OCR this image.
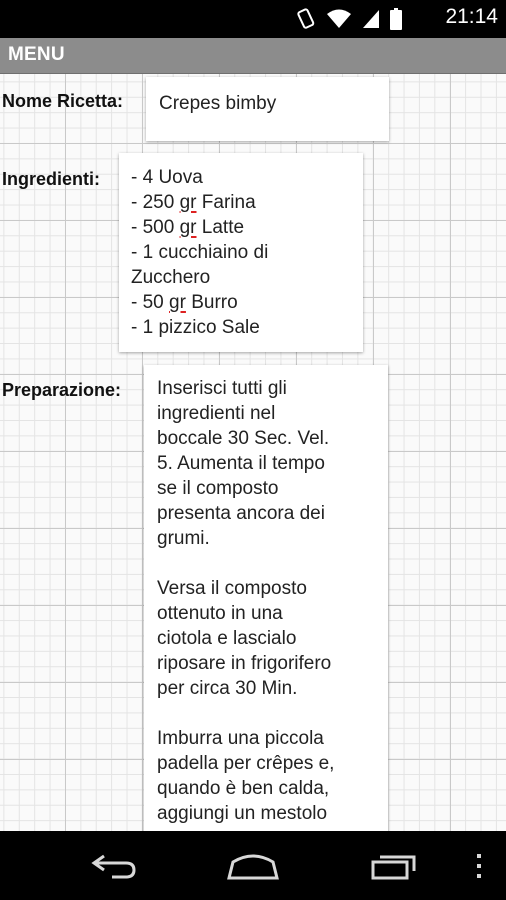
21:14
MENU
Nome Ricetta:	Crepes bimby
Ingredienti: - 4 Uova
- 250 gr Farina
- 500 gr Latte
- 1 cucchiaino di
Zucchero
- 50 gr Burro
- 1 pizzico Sale
Preparazione:	Inserisci tutti gli
ingredienti nel
boccale 30 Sec. Vel.
5. Aumenta il tempo
se il composto
presenta ancora dei
grumi.

Versa il composto
ottenuto in una
ciotola e lascialo
riposare in frigorifero
per circa 30 Min.

Imburra una piccola
padella per crêpes e,
quando è ben calda,
aggiungi un mestolo
